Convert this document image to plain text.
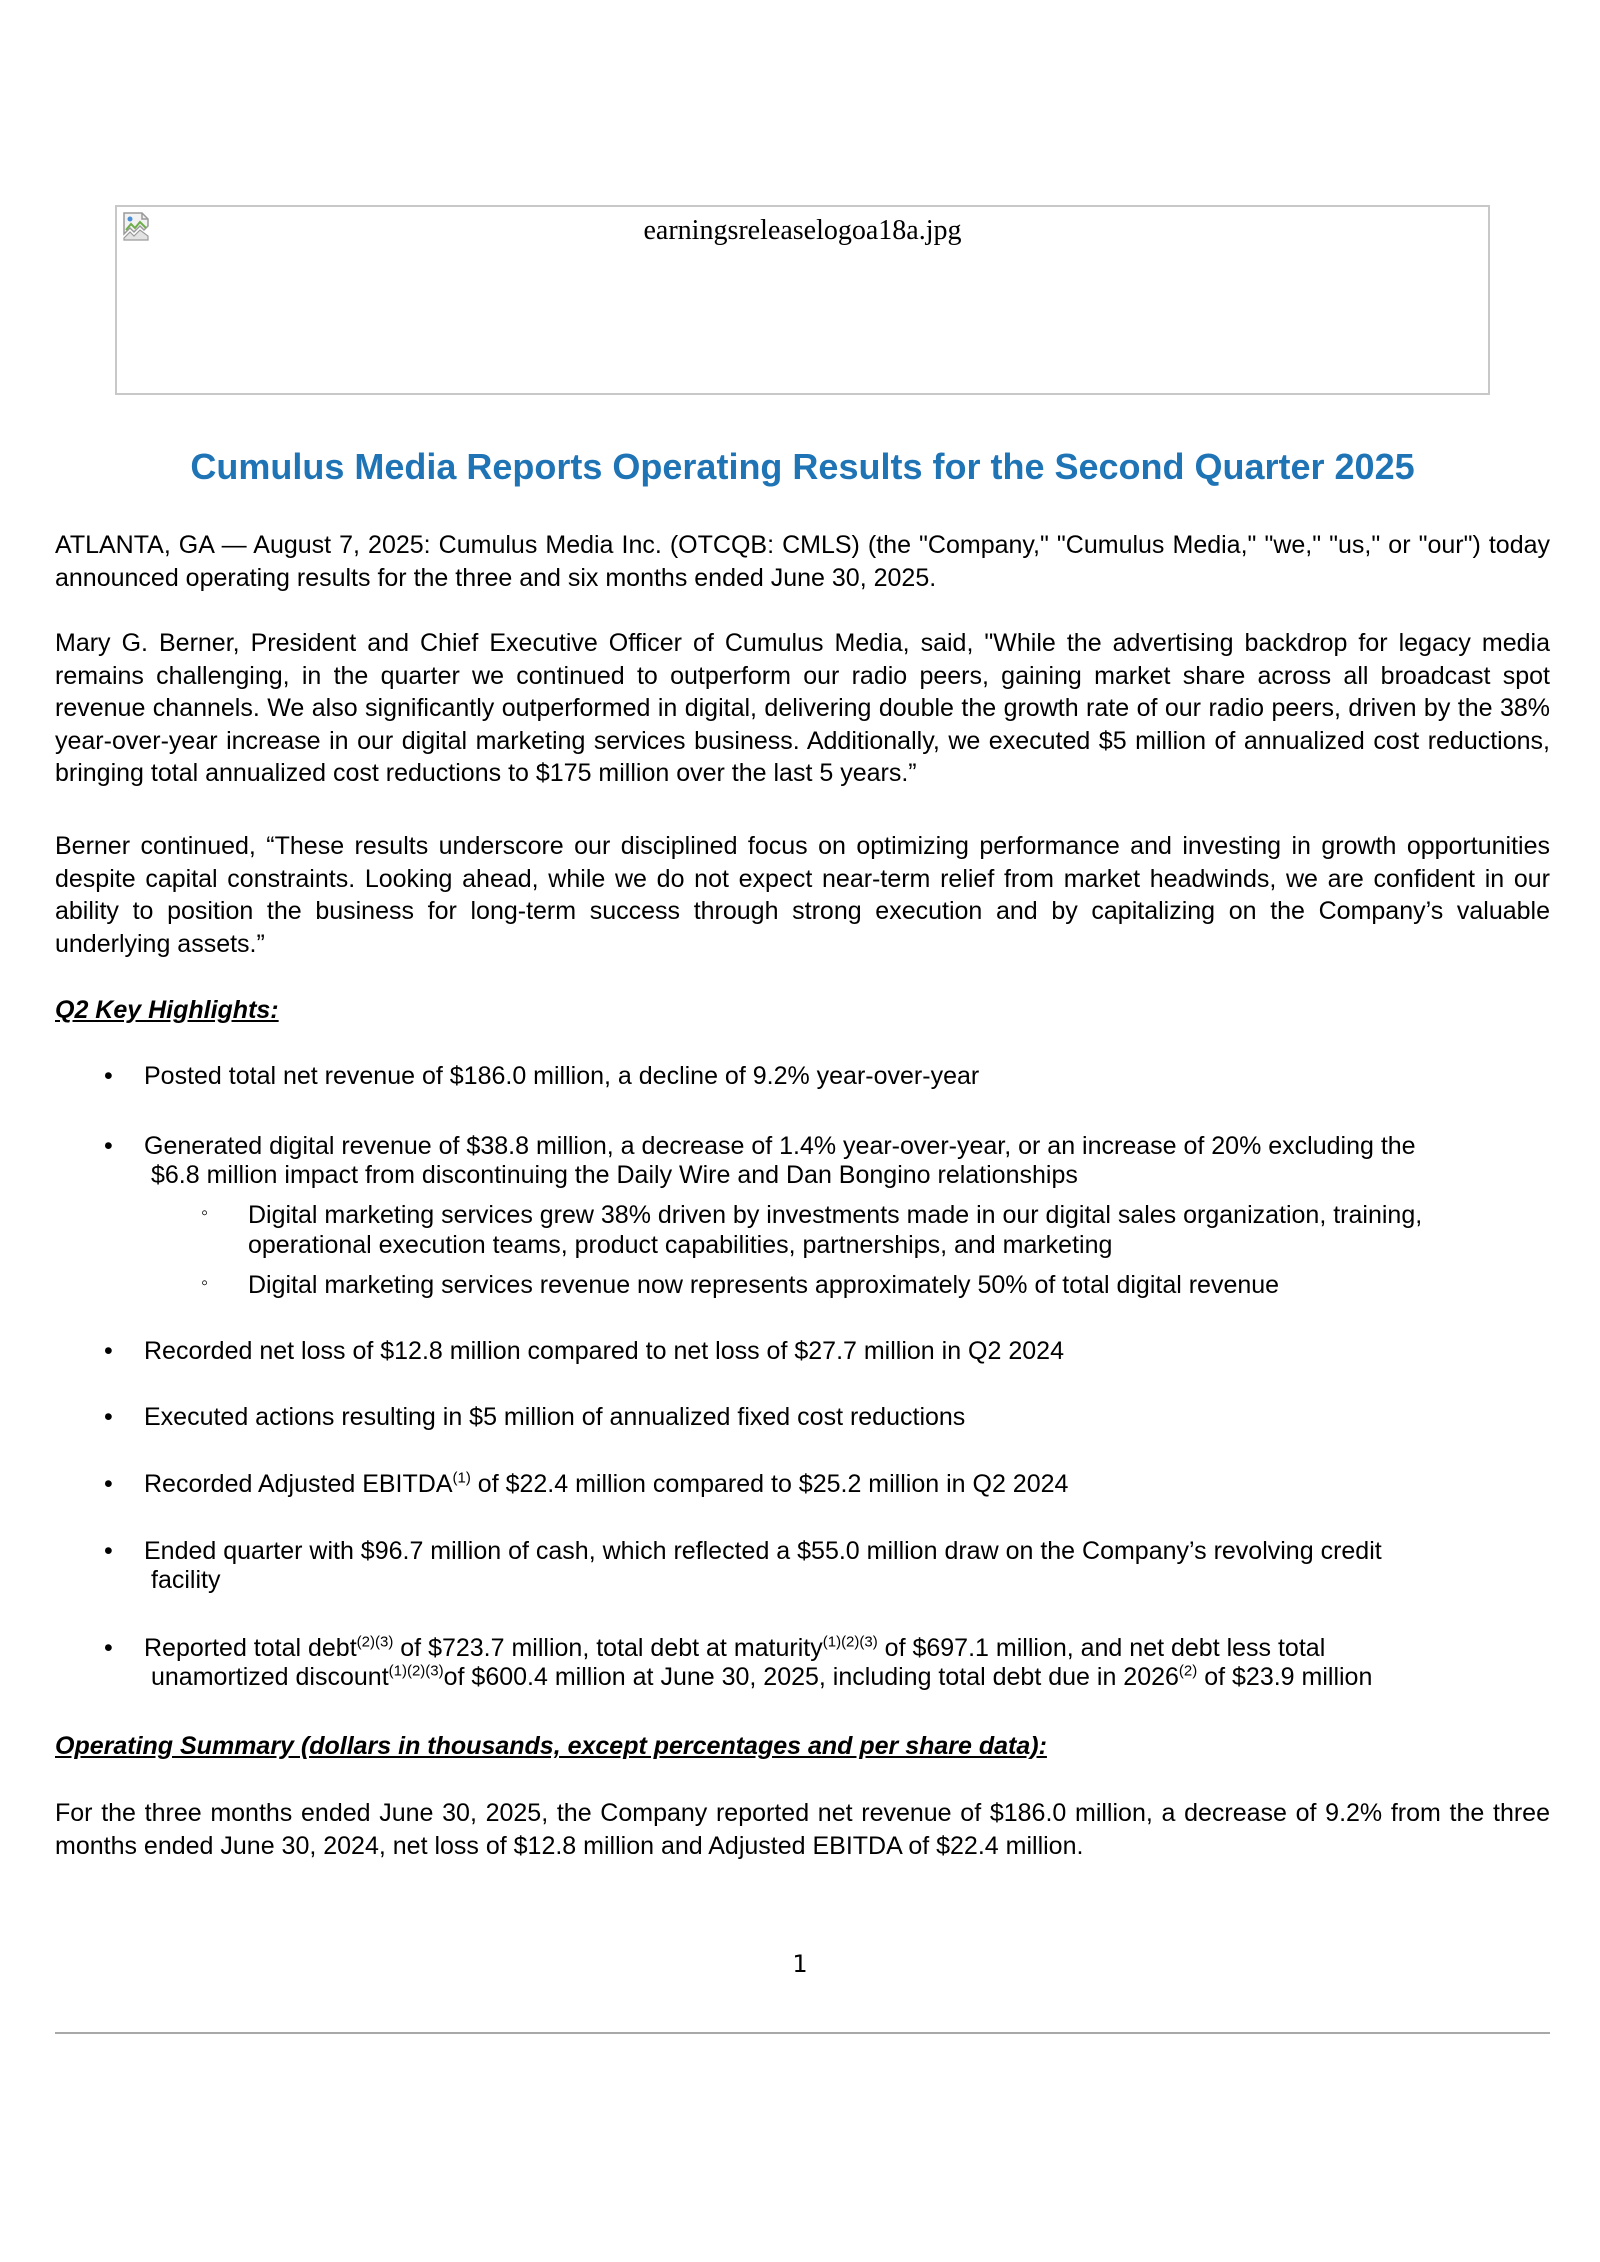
earningsreleaselogoa18a.jpg
Cumulus Media Reports Operating Results for the Second Quarter 2025
ATLANTA, GA — August 7, 2025: Cumulus Media Inc. (OTCQB: CMLS) (the "Company," "Cumulus Media," "we," "us," or "our") today announced operating results for the three and six months ended June 30, 2025.
Mary G. Berner, President and Chief Executive Officer of Cumulus Media, said, "While the advertising backdrop for legacy media remains challenging, in the quarter we continued to outperform our radio peers, gaining market share across all broadcast spot revenue channels. We also significantly outperformed in digital, delivering double the growth rate of our radio peers, driven by the 38% year-over-year increase in our digital marketing services business. Additionally, we executed $5 million of annualized cost reductions, bringing total annualized cost reductions to $175 million over the last 5 years.”
Berner continued, “These results underscore our disciplined focus on optimizing performance and investing in growth opportunities despite capital constraints. Looking ahead, while we do not expect near-term relief from market headwinds, we are confident in our ability to position the business for long-term success through strong execution and by capitalizing on the Company’s valuable underlying assets.”
Q2 Key Highlights:
• Posted total net revenue of $186.0 million, a decline of 9.2% year-over-year
• Generated digital revenue of $38.8 million, a decrease of 1.4% year-over-year, or an increase of 20% excluding the
$6.8 million impact from discontinuing the Daily Wire and Dan Bongino relationships
◦ Digital marketing services grew 38% driven by investments made in our digital sales organization, training,
operational execution teams, product capabilities, partnerships, and marketing
◦ Digital marketing services revenue now represents approximately 50% of total digital revenue
• Recorded net loss of $12.8 million compared to net loss of $27.7 million in Q2 2024
• Executed actions resulting in $5 million of annualized fixed cost reductions
• Recorded Adjusted EBITDA$^{(1)}$ of $22.4 million compared to $25.2 million in Q2 2024
• Ended quarter with $96.7 million of cash, which reflected a $55.0 million draw on the Company’s revolving credit
facility
• Reported total debt$^{(2)(3)}$ of $723.7 million, total debt at maturity$^{(1)(2)(3)}$ of $697.1 million, and net debt less total
unamortized discount$^{(1)(2)(3)}$of $600.4 million at June 30, 2025, including total debt due in 2026$^{(2)}$ of $23.9 million
Operating Summary (dollars in thousands, except percentages and per share data):
For the three months ended June 30, 2025, the Company reported net revenue of $186.0 million, a decrease of 9.2% from the three months ended June 30, 2024, net loss of $12.8 million and Adjusted EBITDA of $22.4 million.
1
